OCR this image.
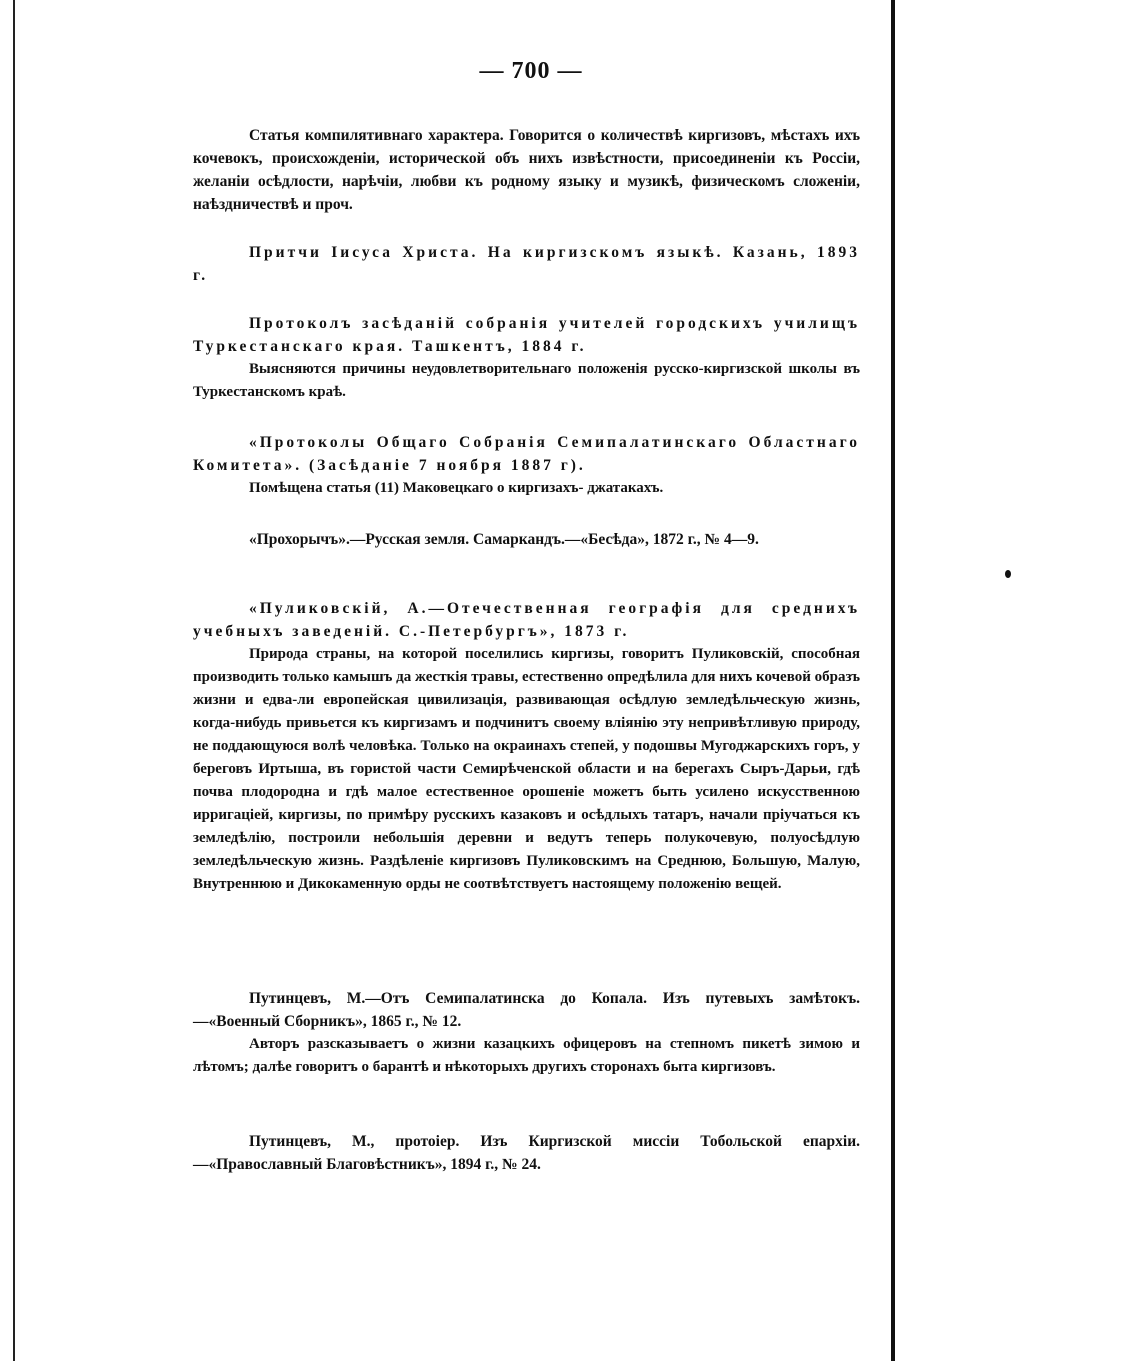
— 700 —

Статья компилятивнаго характера. Говорится о количествѣ киргизовъ, мѣстахъ ихъ кочевокъ, происхожденіи, исторической объ нихъ извѣстности, присоединеніи къ Россіи, желаніи осѣдлости, нарѣчіи, любви къ родному языку и музикѣ, физическомъ сложеніи, наѣздничествѣ и проч.

Притчи Іисуса Христа. На киргизскомъ языкѣ. Казань, 1893 г.

Протоколъ засѣданій собранія учителей городскихъ училищъ Туркестанскаго края. Ташкентъ, 1884 г.

Выясняются причины неудовлетворительнаго положенія русско-киргизской школы въ Туркестанскомъ краѣ.

«Протоколы Общаго Собранія Семипалатинскаго Областнаго Комитета». (Засѣданіе 7 ноября 1887 г).

Помѣщена статья (11) Маковецкаго о киргизахъ- джатакахъ.

«Прохорычъ».—Русская земля. Самаркандъ.—«Бесѣда», 1872 г., № 4—9.

«Пуликовскій, А.—Отечественная географія для среднихъ учебныхъ заведеній. С.-Петербургъ», 1873 г.

Природа страны, на которой поселились киргизы, говоритъ Пуликовскій, способная производить только камышъ да жесткія травы, естественно опредѣлила для нихъ кочевой образъ жизни и едва-ли европейская цивилизація, развивающая осѣдлую земледѣльческую жизнь, когда-нибудь привьется къ киргизамъ и подчинитъ своему вліянію эту непривѣтливую природу, не поддающуюся волѣ человѣка. Только на окраинахъ степей, у подошвы Мугоджарскихъ горъ, у береговъ Иртыша, въ гористой части Семирѣченской области и на берегахъ Сыръ-Дарьи, гдѣ почва плодородна и гдѣ малое естественное орошеніе можетъ быть усилено искусственною ирригаціей, киргизы, по примѣру русскихъ казаковъ и осѣдлыхъ татаръ, начали пріучаться къ земледѣлію, построили небольшія деревни и ведутъ теперь полукочевую, полуосѣдлую земледѣльческую жизнь. Раздѣленіе киргизовъ Пуликовскимъ на Среднюю, Большую, Малую, Внутреннюю и Дикокаменную орды не соотвѣтствуетъ настоящему положенію вещей.

Путинцевъ, М.—Отъ Семипалатинска до Копала. Изъ путевыхъ замѣтокъ.—«Военный Сборникъ», 1865 г., № 12.

Авторъ разсказываетъ о жизни казацкихъ офицеровъ на степномъ пикетѣ зимою и лѣтомъ; далѣе говоритъ о барантѣ и нѣкоторыхъ другихъ сторонахъ быта киргизовъ.

Путинцевъ, М., протоіер. Изъ Киргизской миссіи Тобольской епархіи.—«Православный Благовѣстникъ», 1894 г., № 24.
